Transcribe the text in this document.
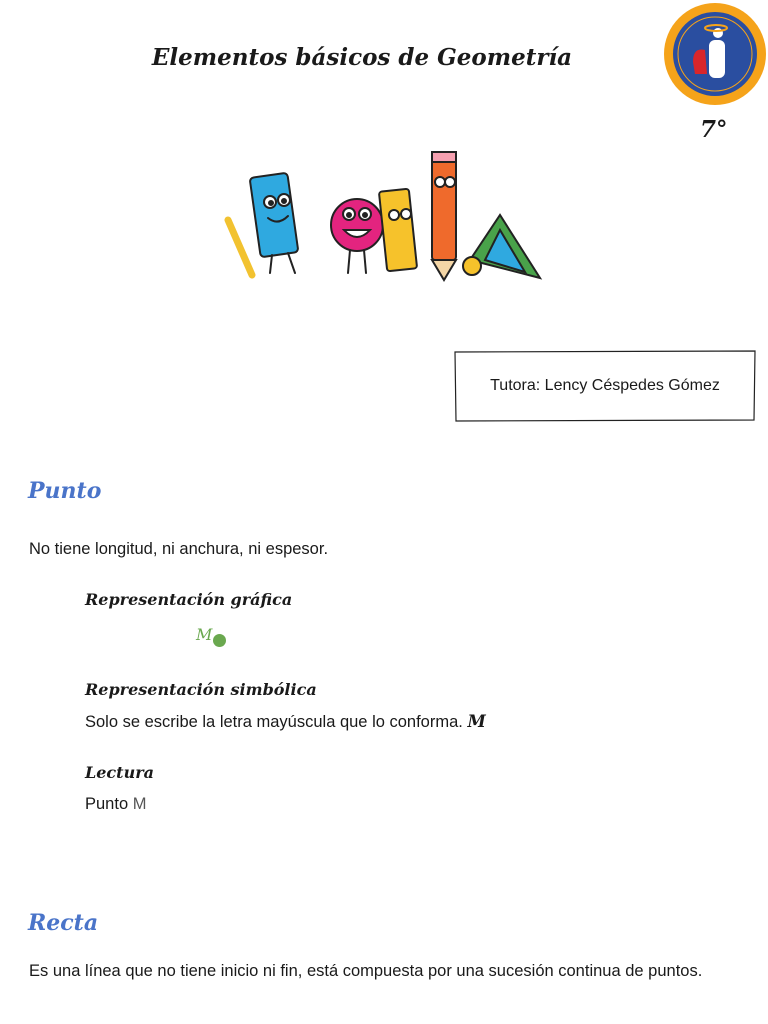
Elementos básicos de Geometría
7°
Tutora: Lency Céspedes Gómez
Punto
No tiene longitud, ni anchura, ni espesor.
Representación gráfica
M
Representación simbólica
Solo se escribe la letra mayúscula que lo conforma. M
Lectura
Punto M
Recta
Es una línea que no tiene inicio ni fin, está compuesta por una sucesión continua de puntos.
